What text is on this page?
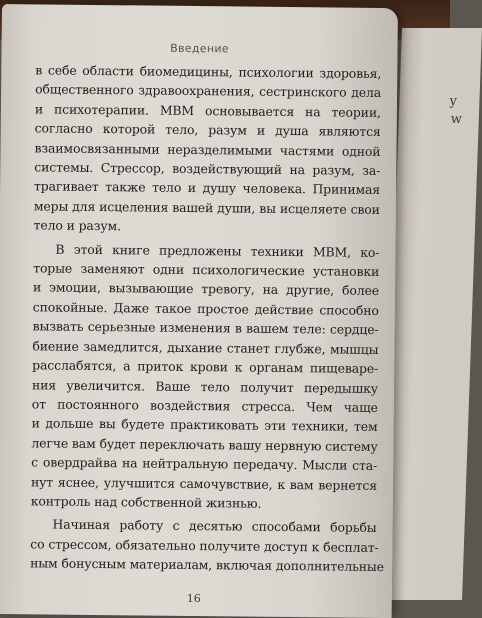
у
w
Введение
в себе области биомедицины, психологии здоровья,
общественного здравоохранения, сестринского дела
и психотерапии. МВМ основывается на теории,
согласно которой тело, разум и душа являются
взаимосвязанными неразделимыми частями одной
системы. Стрессор, воздействующий на разум, за-
трагивает также тело и душу человека. Принимая
меры для исцеления вашей души, вы исцеляете свои
тело и разум.
В этой книге предложены техники МВМ, ко-
торые заменяют одни психологические установки
и эмоции, вызывающие тревогу, на другие, более
спокойные. Даже такое простое действие способно
вызвать серьезные изменения в вашем теле: сердце-
биение замедлится, дыхание станет глубже, мышцы
расслабятся, а приток крови к органам пищеваре-
ния увеличится. Ваше тело получит передышку
от постоянного воздействия стресса. Чем чаще
и дольше вы будете практиковать эти техники, тем
легче вам будет переключать вашу нервную систему
с овердрайва на нейтральную передачу. Мысли ста-
нут яснее, улучшится самочувствие, к вам вернется
контроль над собственной жизнью.
Начиная работу с десятью способами борьбы
со стрессом, обязательно получите доступ к бесплат-
ным бонусным материалам, включая дополнительные
16
